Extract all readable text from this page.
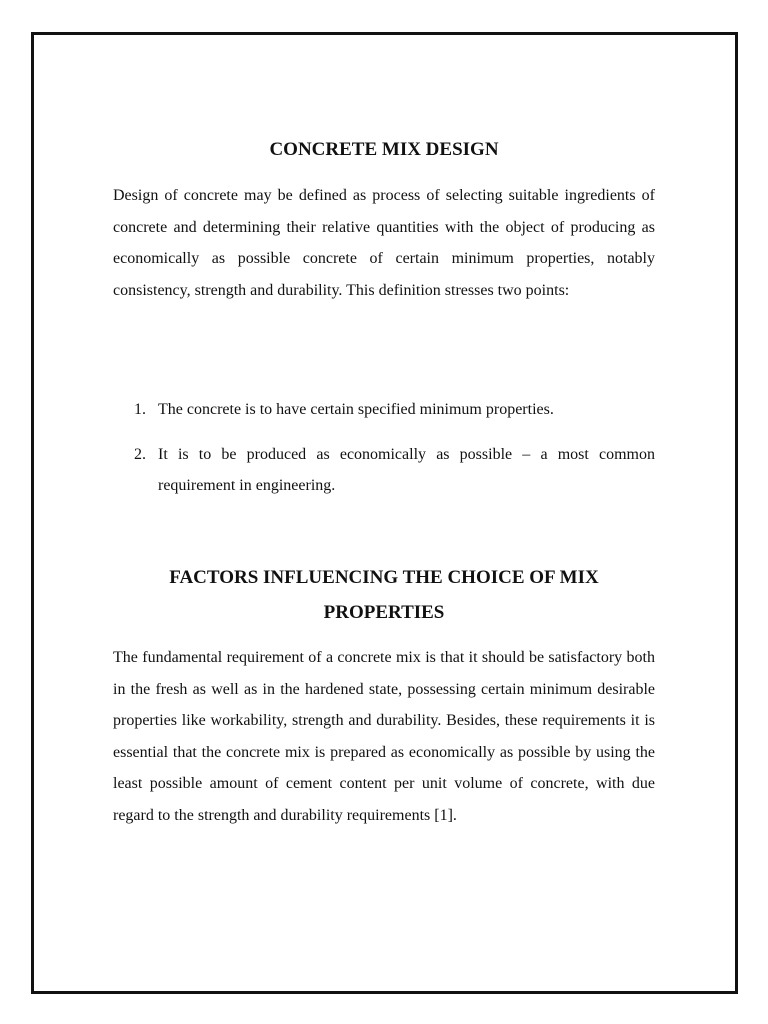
CONCRETE MIX DESIGN

Design of concrete may be defined as process of selecting suitable ingredients of concrete and determining their relative quantities with the object of producing as economically as possible concrete of certain minimum properties, notably consistency, strength and durability. This definition stresses two points:

1. The concrete is to have certain specified minimum properties.
2. It is to be produced as economically as possible – a most common requirement in engineering.
FACTORS INFLUENCING THE CHOICE OF MIX PROPERTIES

The fundamental requirement of a concrete mix is that it should be satisfactory both in the fresh as well as in the hardened state, possessing certain minimum desirable properties like workability, strength and durability. Besides, these requirements it is essential that the concrete mix is prepared as economically as possible by using the least possible amount of cement content per unit volume of concrete, with due regard to the strength and durability requirements [1].
